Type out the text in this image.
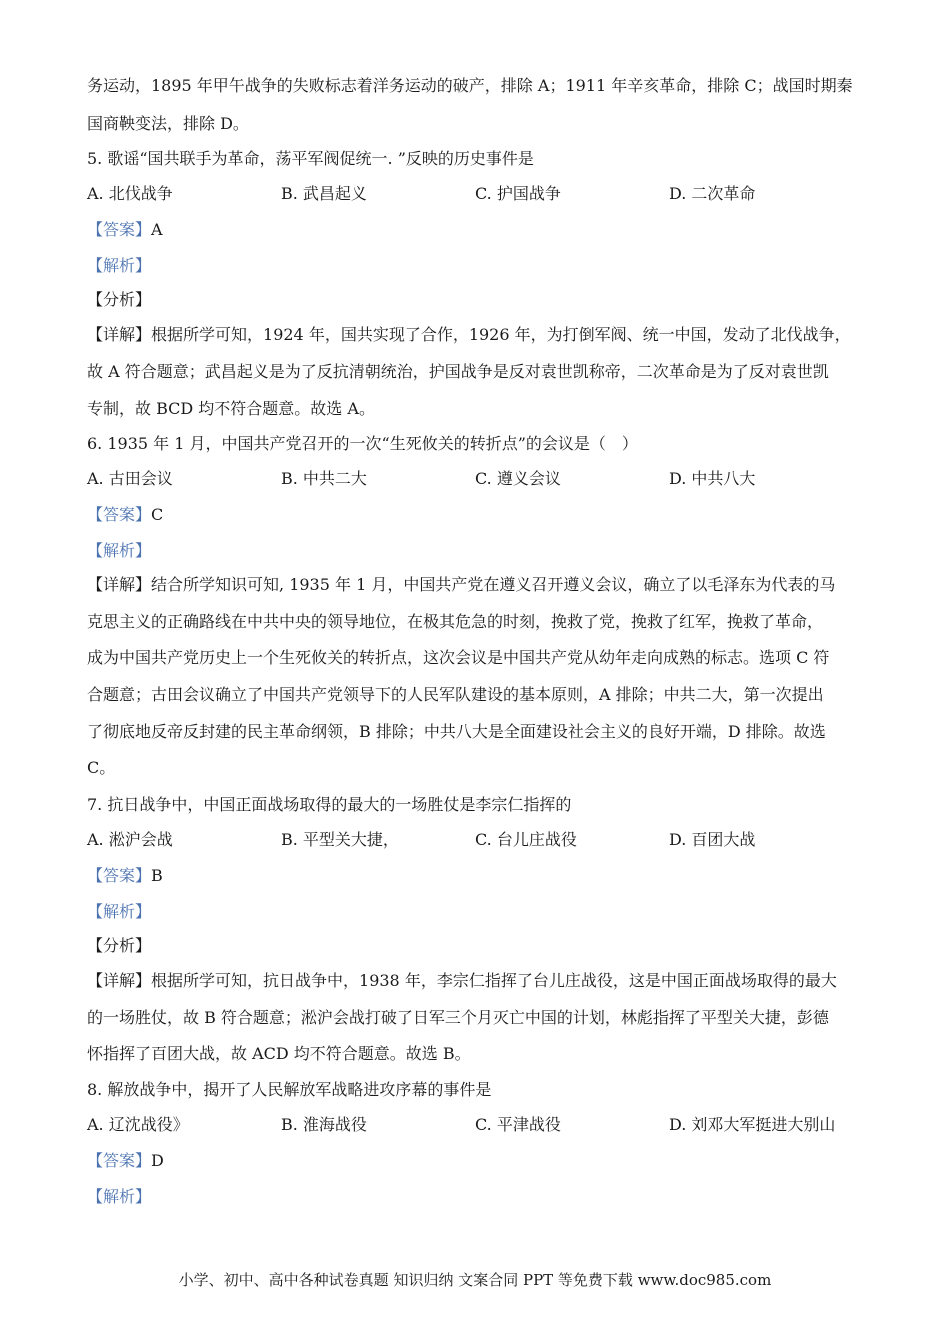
务运动，1895 年甲午战争的失败标志着洋务运动的破产，排除 A；1911 年辛亥革命，排除 C；战国时期秦
国商鞅变法，排除 D。
5. 歌谣“国共联手为革命，荡平军阀促统一. ”反映的历史事件是
A. 北伐战争	B. 武昌起义	C. 护国战争	D. 二次革命
【答案】A
【解析】
【分析】
【详解】根据所学可知，1924 年，国共实现了合作，1926 年，为打倒军阀、统一中国，发动了北伐战争，
故 A 符合题意；武昌起义是为了反抗清朝统治，护国战争是反对袁世凯称帝，二次革命是为了反对袁世凯
专制，故 BCD 均不符合题意。故选 A。
6. 1935 年 1 月，中国共产党召开的一次“生死攸关的转折点”的会议是（　）
A. 古田会议	B. 中共二大	C. 遵义会议	D. 中共八大
【答案】C
【解析】
【详解】结合所学知识可知, 1935 年 1 月，中国共产党在遵义召开遵义会议，确立了以毛泽东为代表的马
克思主义的正确路线在中共中央的领导地位，在极其危急的时刻，挽救了党，挽救了红军，挽救了革命，
成为中国共产党历史上一个生死攸关的转折点，这次会议是中国共产党从幼年走向成熟的标志。选项 C 符
合题意；古田会议确立了中国共产党领导下的人民军队建设的基本原则，A 排除；中共二大，第一次提出
了彻底地反帝反封建的民主革命纲领，B 排除；中共八大是全面建设社会主义的良好开端，D 排除。故选
C。
7. 抗日战争中，中国正面战场取得的最大的一场胜仗是李宗仁指挥的
A. 淞沪会战	B. 平型关大捷，	C. 台儿庄战役	D. 百团大战
【答案】B
【解析】
【分析】
【详解】根据所学可知，抗日战争中，1938 年，李宗仁指挥了台儿庄战役，这是中国正面战场取得的最大
的一场胜仗，故 B 符合题意；淞沪会战打破了日军三个月灭亡中国的计划，林彪指挥了平型关大捷，彭德
怀指挥了百团大战，故 ACD 均不符合题意。故选 B。
8. 解放战争中，揭开了人民解放军战略进攻序幕的事件是
A. 辽沈战役》	B. 淮海战役	C. 平津战役	D. 刘邓大军挺进大别山
【答案】D
【解析】
小学、初中、高中各种试卷真题 知识归纳 文案合同 PPT 等免费下载 www.doc985.com
